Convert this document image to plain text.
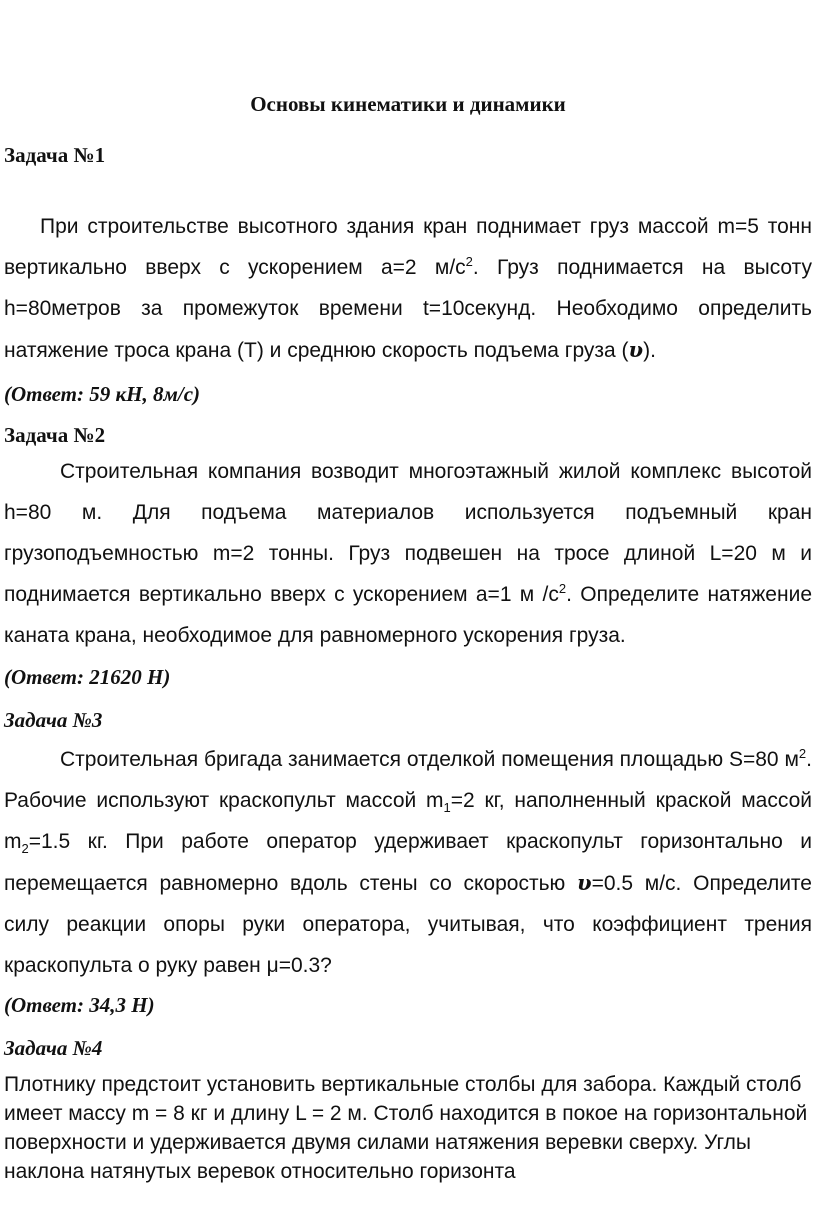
Основы кинематики и динамики
Задача №1

При строительстве высотного здания кран поднимает груз массой m=5 тонн вертикально вверх с ускорением а=2 $м/с^2$. Груз поднимается на высоту h=80метров за промежуток времени t=10секунд. Необходимо определить натяжение троса крана (T) и среднюю скорость подъема груза (υ).

(Ответ: 59 кН, 8м/с)
Задача №2

Строительная компания возводит многоэтажный жилой комплекс высотой h=80 м. Для подъема материалов используется подъемный кран грузоподъемностью m=2 тонны. Груз подвешен на тросе длиной L=20 м и поднимается вертикально вверх с ускорением a=1 м $/с^2$. Определите натяжение каната крана, необходимое для равномерного ускорения груза.

(Ответ: 21620 Н)
Задача №3

Строительная бригада занимается отделкой помещения площадью S=80 $м^2$. Рабочие используют краскопульт массой $m_1=2$ кг, наполненный краской массой $m_2=1.5$ кг. При работе оператор удерживает краскопульт горизонтально и перемещается равномерно вдоль стены со скоростью υ=0.5 м/с. Определите силу реакции опоры руки оператора, учитывая, что коэффициент трения краскопульта о руку равен μ=0.3?

(Ответ: 34,3 Н)
Задача №4

Плотнику предстоит установить вертикальные столбы для забора. Каждый столб имеет массу m = 8 кг и длину L = 2 м. Столб находится в покое на горизонтальной поверхности и удерживается двумя силами натяжения веревки сверху. Углы наклона натянутых веревок относительно горизонта
